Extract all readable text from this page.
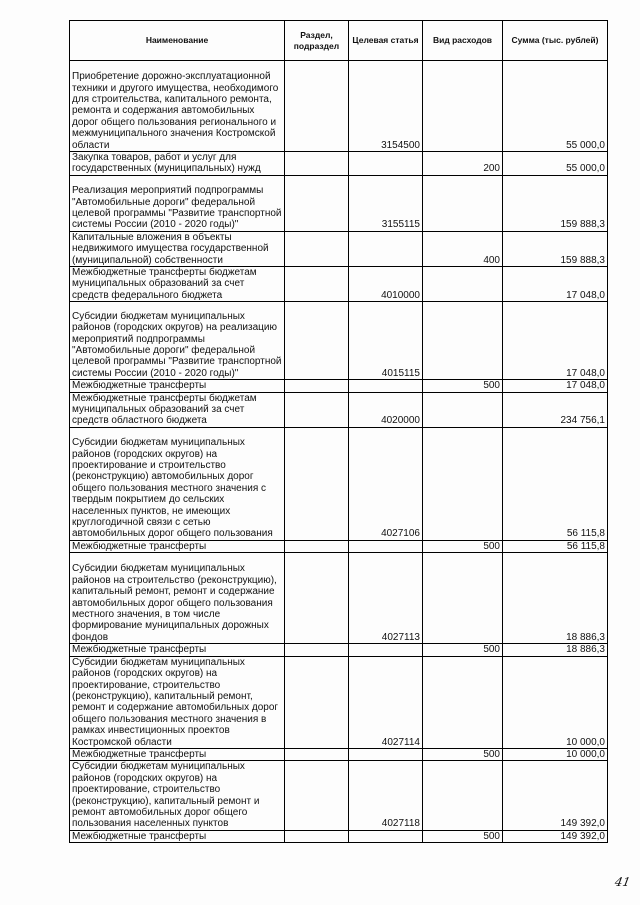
Наименование	Раздел, подраздел	Целевая статья	Вид расходов	Сумма (тыс. рублей)
Приобретение дорожно-эксплуатационной техники и другого имущества, необходимого для строительства, капитального ремонта, ремонта и содержания автомобильных дорог общего пользования регионального и межмуниципального значения Костромской области		3154500		55 000,0
Закупка товаров, работ и услуг для государственных (муниципальных) нужд			200	55 000,0
Реализация мероприятий подпрограммы "Автомобильные дороги" федеральной целевой программы "Развитие транспортной системы России (2010 - 2020 годы)"		3155115		159 888,3
Капитальные вложения в объекты недвижимого имущества государственной (муниципальной) собственности			400	159 888,3
Межбюджетные трансферты бюджетам муниципальных образований за счет средств федерального бюджета		4010000		17 048,0
Субсидии бюджетам муниципальных районов (городских округов) на реализацию мероприятий подпрограммы "Автомобильные дороги" федеральной целевой программы "Развитие транспортной системы России (2010 - 2020 годы)"		4015115		17 048,0
Межбюджетные трансферты			500	17 048,0
Межбюджетные трансферты бюджетам муниципальных образований за счет средств областного бюджета		4020000		234 756,1
Субсидии бюджетам муниципальных районов (городских округов) на проектирование и строительство (реконструкцию) автомобильных дорог общего пользования местного значения с твердым покрытием до сельских населенных пунктов, не имеющих круглогодичной связи с сетью автомобильных дорог общего пользования		4027106		56 115,8
Межбюджетные трансферты			500	56 115,8
Субсидии бюджетам муниципальных районов на строительство (реконструкцию), капитальный ремонт, ремонт и содержание автомобильных дорог общего пользования местного значения, в том числе формирование муниципальных дорожных фондов		4027113		18 886,3
Межбюджетные трансферты			500	18 886,3
Субсидии бюджетам муниципальных районов (городских округов) на проектирование, строительство (реконструкцию), капитальный ремонт, ремонт и содержание автомобильных дорог общего пользования местного значения в рамках инвестиционных проектов Костромской области		4027114		10 000,0
Межбюджетные трансферты			500	10 000,0
Субсидии бюджетам муниципальных районов (городских округов) на проектирование, строительство (реконструкцию), капитальный ремонт и ремонт автомобильных дорог общего пользования населенных пунктов		4027118		149 392,0
Межбюджетные трансферты			500	149 392,0
41
